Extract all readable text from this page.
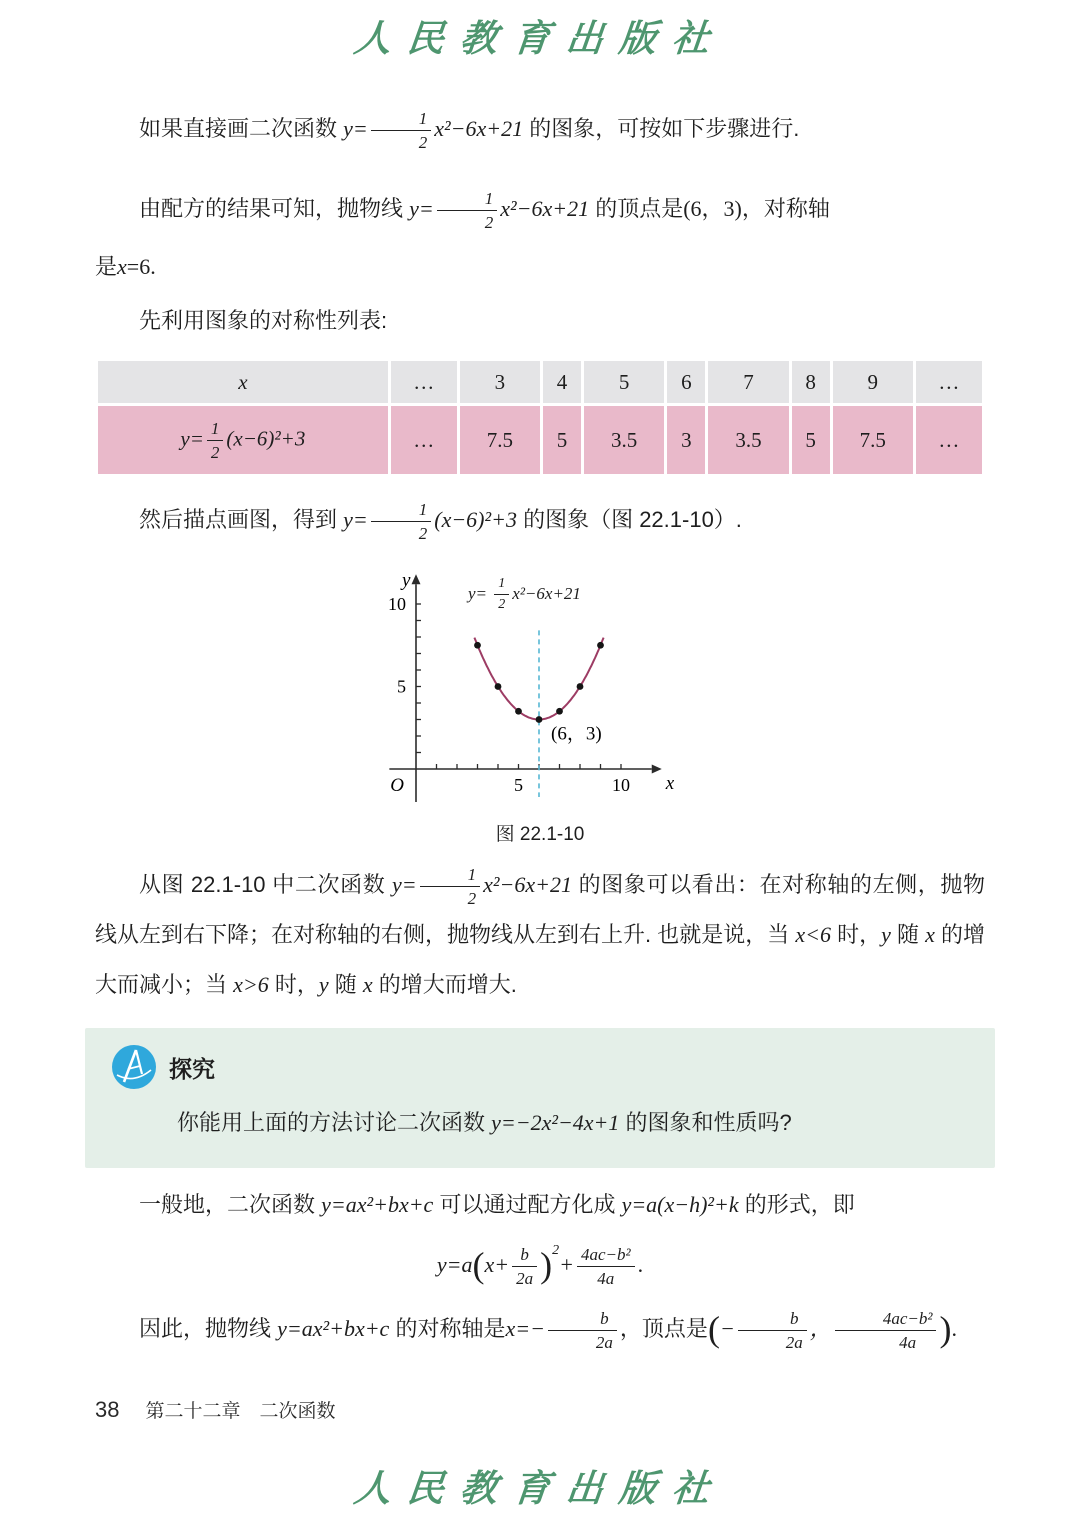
人民教育出版社

如果直接画二次函数 $y= \frac{1}{2} x^2-6x+21$ 的图象，可按如下步骤进行.

由配方的结果可知，抛物线 $y= \frac{1}{2} x^2-6x+21$ 的顶点是(6，3)，对称轴

是x=6.

先利用图象的对称性列表:

x	…	3	4	5	6	7	8	9	…
$y= \frac{1}{2} (x-6)^2+3$	…	7.5	5	3.5	3	3.5	5	7.5	…

然后描点画图，得到 $y= \frac{1}{2} (x-6)^2+3$ 的图象（图 22.1-10）.

5	10
5
10
O	x
y
(6，3)
$y= \frac{1}{2} x^2-6x+21$
图 22.1-10

从图 22.1-10 中二次函数 $y= \frac{1}{2} x^2-6x+21$ 的图象可以看出：在对称轴的左侧，抛物线从左到右下降；在对称轴的右侧，抛物线从左到右上升. 也就是说，当 x<6 时，y 随 x 的增大而减小；当 x>6 时，y 随 x 的增大而增大.

探究

你能用上面的方法讨论二次函数 y=−2x²−4x+1 的图象和性质吗?

一般地，二次函数 y=ax²+bx+c 可以通过配方化成 y=a(x−h)²+k 的形式，即

$y=a(x+ \frac{b}{2a} )^2+ \frac{\text{4ac−b²}}{4a}$ .

因此，抛物线 y=ax²+bx+c 的对称轴是$x=- \frac{b}{2a}$ ，顶点是(− $\frac{b}{2a}$ ， $\frac{\text{4ac−b²}}{4a}$ ).

38 第二十二章　二次函数
人民教育出版社
